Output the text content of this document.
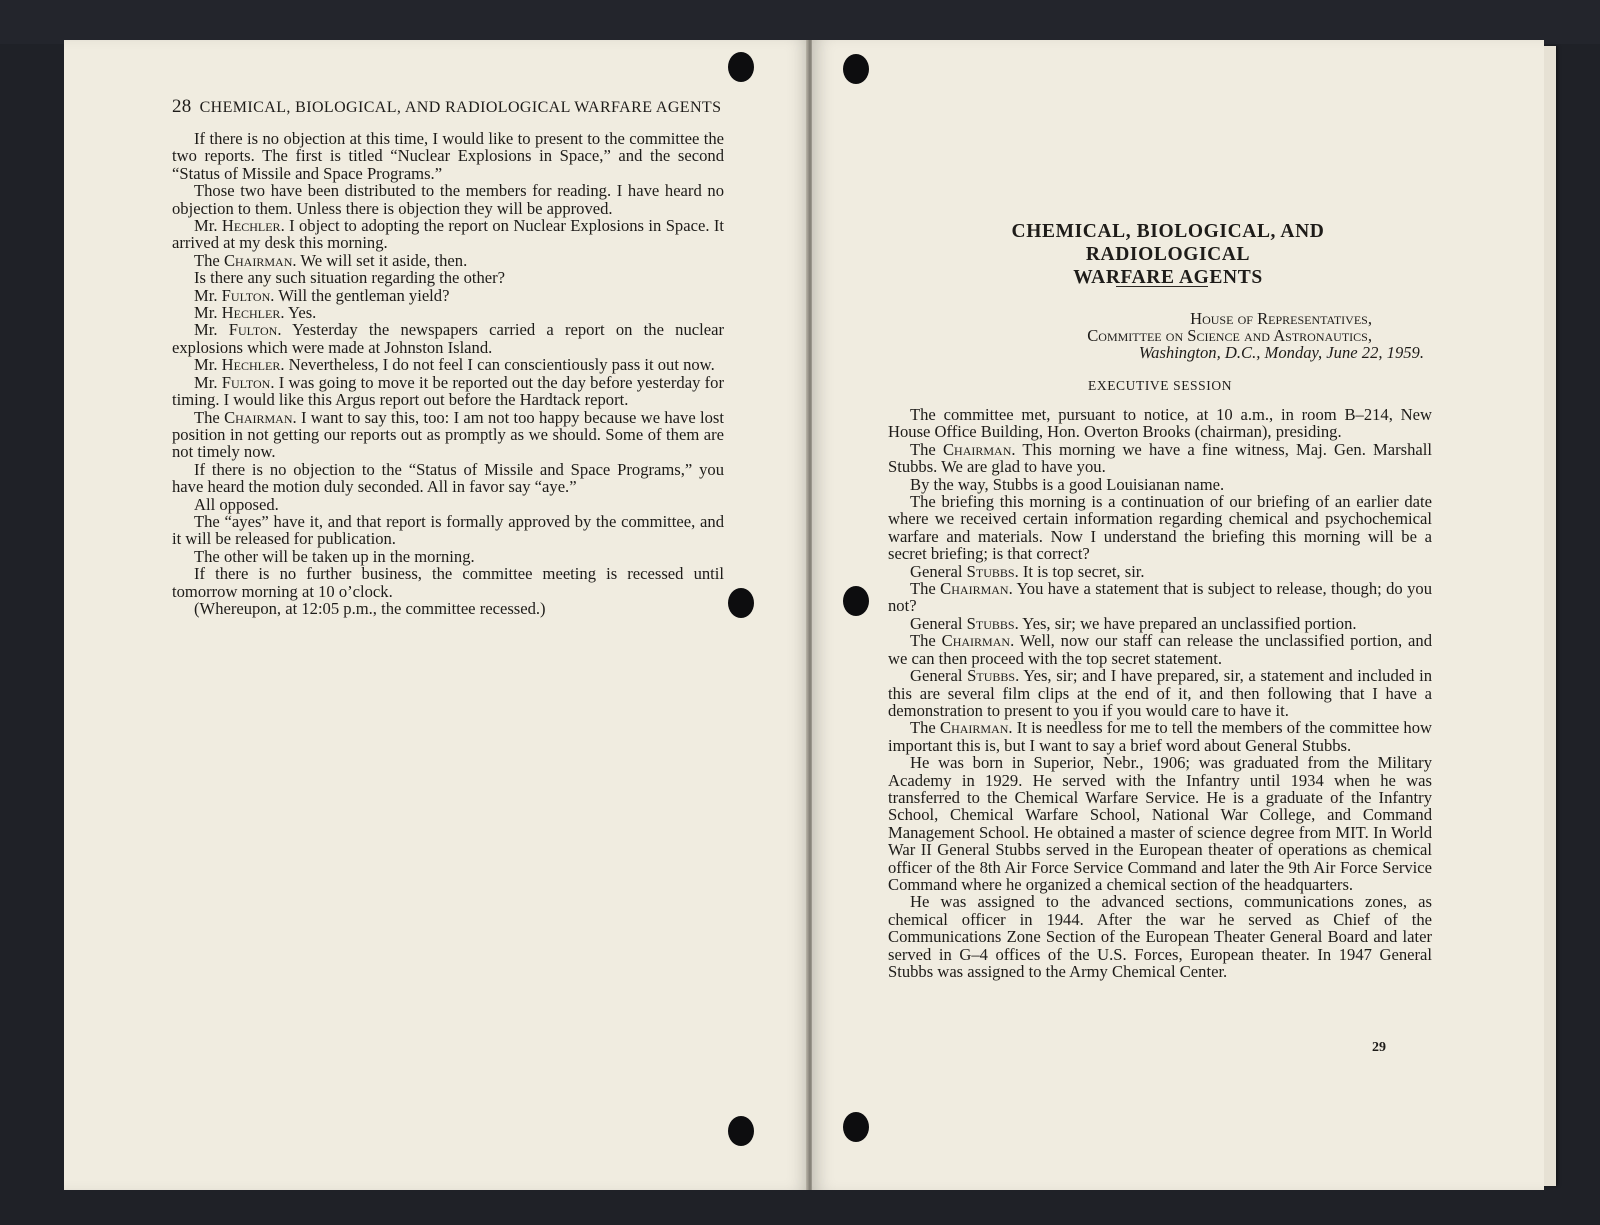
28 CHEMICAL, BIOLOGICAL, AND RADIOLOGICAL WARFARE AGENTS

If there is no objection at this time, I would like to present to the committee the two reports. The first is titled “Nuclear Explosions in Space,” and the second “Status of Missile and Space Programs.”

Those two have been distributed to the members for reading. I have heard no objection to them. Unless there is objection they will be approved.

Mr. Hechler. I object to adopting the report on Nuclear Explosions in Space. It arrived at my desk this morning.

The Chairman. We will set it aside, then.

Is there any such situation regarding the other?

Mr. Fulton. Will the gentleman yield?

Mr. Hechler. Yes.

Mr. Fulton. Yesterday the newspapers carried a report on the nuclear explosions which were made at Johnston Island.

Mr. Hechler. Nevertheless, I do not feel I can conscientiously pass it out now.

Mr. Fulton. I was going to move it be reported out the day before yesterday for timing. I would like this Argus report out before the Hardtack report.

The Chairman. I want to say this, too: I am not too happy because we have lost position in not getting our reports out as promptly as we should. Some of them are not timely now.

If there is no objection to the “Status of Missile and Space Programs,” you have heard the motion duly seconded. All in favor say “aye.”

All opposed.

The “ayes” have it, and that report is formally approved by the committee, and it will be released for publication.

The other will be taken up in the morning.

If there is no further business, the committee meeting is recessed until tomorrow morning at 10 o’clock.

(Whereupon, at 12:05 p.m., the committee recessed.)

CHEMICAL, BIOLOGICAL, AND RADIOLOGICAL
WARFARE AGENTS
House of Representatives,
Committee on Science and Astronautics,
Washington, D.C., Monday, June 22, 1959.
EXECUTIVE SESSION

The committee met, pursuant to notice, at 10 a.m., in room B–214, New House Office Building, Hon. Overton Brooks (chairman), presiding.

The Chairman. This morning we have a fine witness, Maj. Gen. Marshall Stubbs. We are glad to have you.

By the way, Stubbs is a good Louisianan name.

The briefing this morning is a continuation of our briefing of an earlier date where we received certain information regarding chemical and psychochemical warfare and materials. Now I understand the briefing this morning will be a secret briefing; is that correct?

General Stubbs. It is top secret, sir.

The Chairman. You have a statement that is subject to release, though; do you not?

General Stubbs. Yes, sir; we have prepared an unclassified portion.

The Chairman. Well, now our staff can release the unclassified portion, and we can then proceed with the top secret statement.

General Stubbs. Yes, sir; and I have prepared, sir, a statement and included in this are several film clips at the end of it, and then following that I have a demonstration to present to you if you would care to have it.

The Chairman. It is needless for me to tell the members of the committee how important this is, but I want to say a brief word about General Stubbs.

He was born in Superior, Nebr., 1906; was graduated from the Military Academy in 1929. He served with the Infantry until 1934 when he was transferred to the Chemical Warfare Service. He is a graduate of the Infantry School, Chemical Warfare School, National War College, and Command Management School. He obtained a master of science degree from MIT. In World War II General Stubbs served in the European theater of operations as chemical officer of the 8th Air Force Service Command and later the 9th Air Force Service Command where he organized a chemical section of the headquarters.

He was assigned to the advanced sections, communications zones, as chemical officer in 1944. After the war he served as Chief of the Communications Zone Section of the European Theater General Board and later served in G–4 offices of the U.S. Forces, European theater. In 1947 General Stubbs was assigned to the Army Chemical Center.

29
